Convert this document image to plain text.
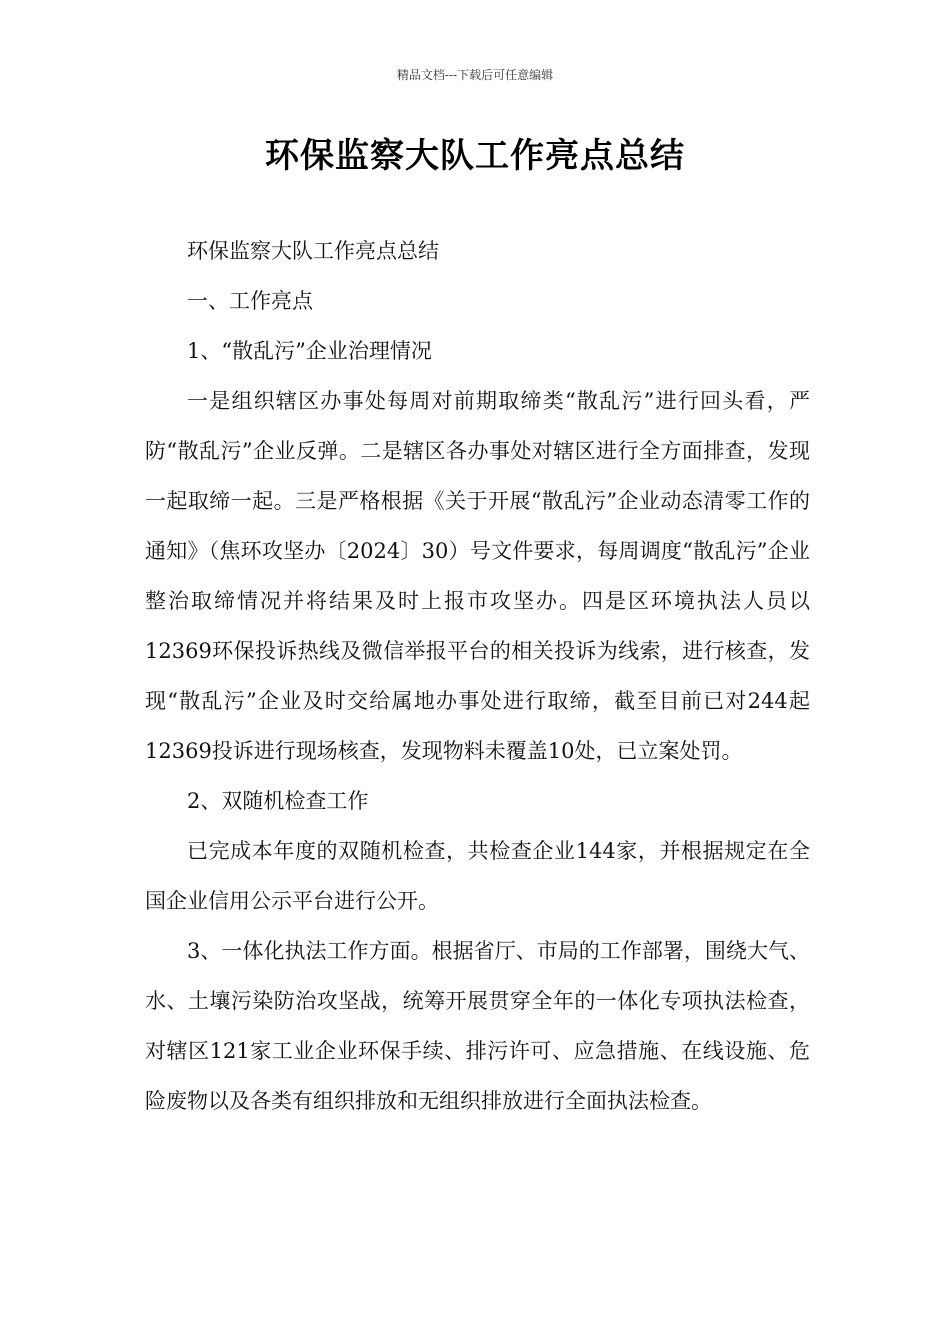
精品文档---下载后可任意编辑
环保监察大队工作亮点总结

环保监察大队工作亮点总结

一、工作亮点

1、“散乱污”企业治理情况

一是组织辖区办事处每周对前期取缔类“散乱污”进行回头看，严防“散乱污”企业反弹。二是辖区各办事处对辖区进行全方面排查，发现一起取缔一起。三是严格根据《关于开展“散乱污”企业动态清零工作的通知》（焦环攻坚办〔2024〕30）号文件要求，每周调度“散乱污”企业整治取缔情况并将结果及时上报市攻坚办。四是区环境执法人员以12369环保投诉热线及微信举报平台的相关投诉为线索，进行核查，发现“散乱污”企业及时交给属地办事处进行取缔，截至目前已对244起12369投诉进行现场核查，发现物料未覆盖10处，已立案处罚。

2、双随机检查工作

已完成本年度的双随机检查，共检查企业144家，并根据规定在全国企业信用公示平台进行公开。

3、一体化执法工作方面。根据省厅、市局的工作部署，围绕大气、水、土壤污染防治攻坚战，统筹开展贯穿全年的一体化专项执法检查，对辖区121家工业企业环保手续、排污许可、应急措施、在线设施、危险废物以及各类有组织排放和无组织排放进行全面执法检查。
